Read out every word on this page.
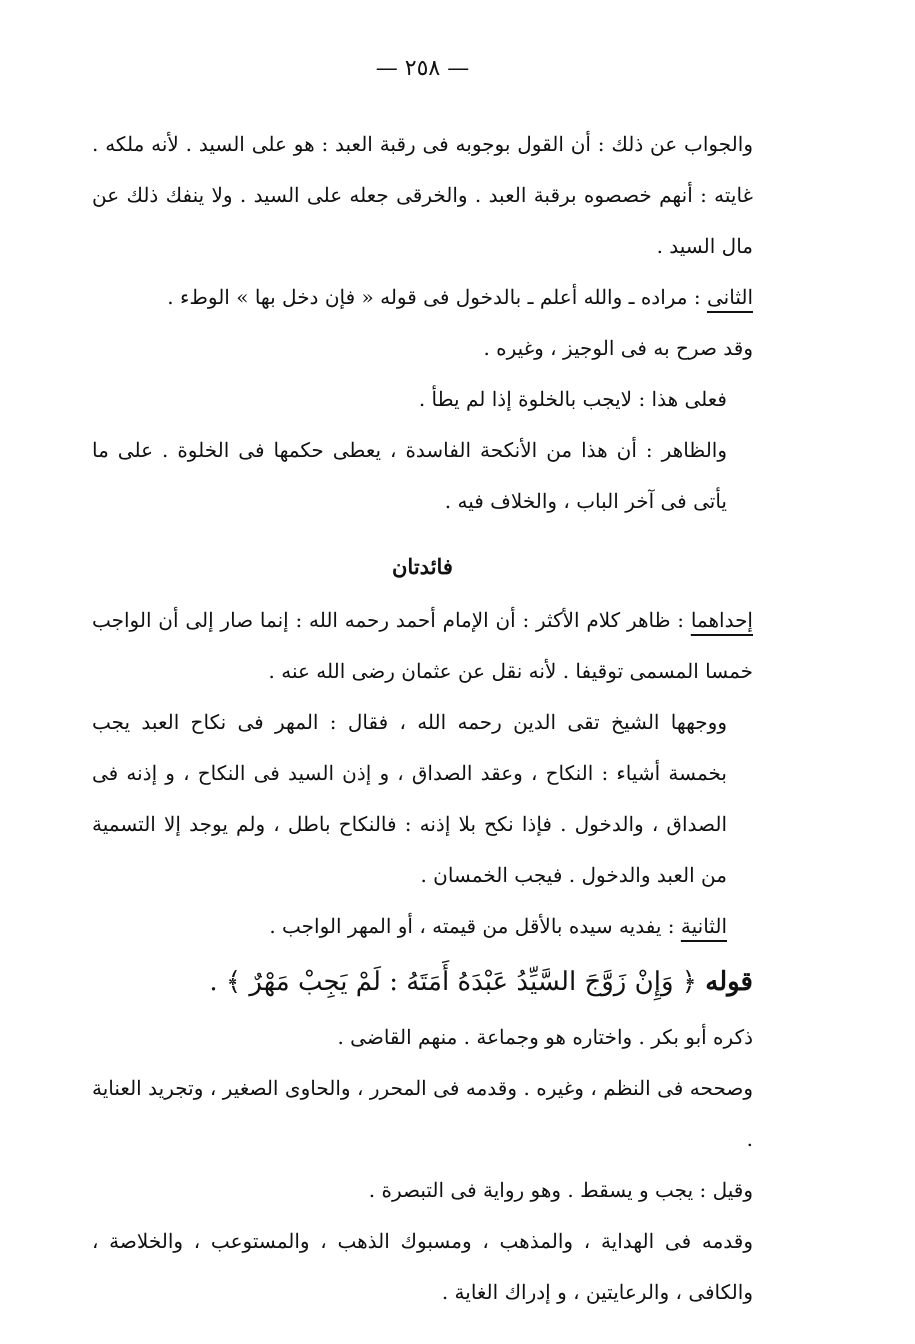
— ٢٥٨ —

والجواب عن ذلك : أن القول بوجوبه فى رقبة العبد : هو على السيد . لأنه ملكه . غايته : أنهم خصصوه برقبة العبد . والخرقى جعله على السيد . ولا ينفك ذلك عن مال السيد .

الثانى : مراده ـ والله أعلم ـ بالدخول فى قوله « فإن دخل بها » الوطء .

وقد صرح به فى الوجيز ، وغيره .

فعلى هذا : لايجب بالخلوة إذا لم يطأ .

والظاهر : أن هذا من الأنكحة الفاسدة ، يعطى حكمها فى الخلوة . على ما يأتى فى آخر الباب ، والخلاف فيه .

فائدتان

إحداهما : ظاهر كلام الأكثر : أن الإمام أحمد رحمه الله : إنما صار إلى أن الواجب خمسا المسمى توقيفا . لأنه نقل عن عثمان رضى الله عنه .

ووجهها الشيخ تقى الدين رحمه الله ، فقال : المهر فى نكاح العبد يجب بخمسة أشياء : النكاح ، وعقد الصداق ، و إذن السيد فى النكاح ، و إذنه فى الصداق ، والدخول . فإذا نكح بلا إذنه : فالنكاح باطل ، ولم يوجد إلا التسمية من العبد والدخول . فيجب الخمسان .

الثانية : يفديه سيده بالأقل من قيمته ، أو المهر الواجب .

قوله ﴿ وَإِنْ زَوَّجَ السَّيِّدُ عَبْدَهُ أَمَتَهُ : لَمْ يَجِبْ مَهْرٌ ﴾ .

ذكره أبو بكر . واختاره هو وجماعة . منهم القاضى .

وصححه فى النظم ، وغيره . وقدمه فى المحرر ، والحاوى الصغير ، وتجريد العناية .

وقيل : يجب و يسقط . وهو رواية فى التبصرة .

وقدمه فى الهداية ، والمذهب ، ومسبوك الذهب ، والمستوعب ، والخلاصة ، والكافى ، والرعايتين ، و إدراك الغاية .
